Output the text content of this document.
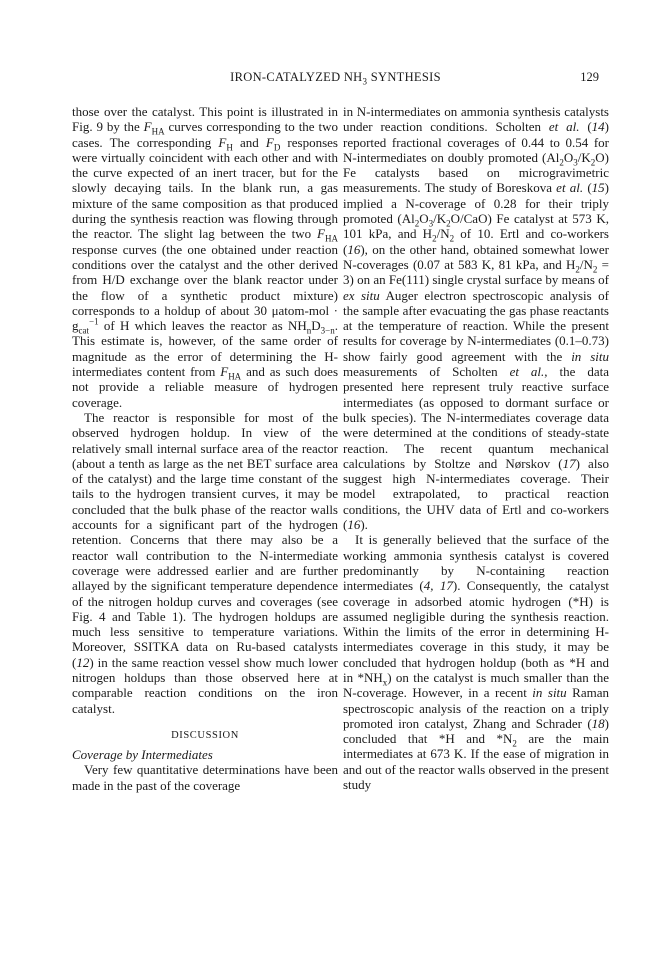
IRON-CATALYZED $NH_3$ SYNTHESIS	129

those over the catalyst. This point is illustrated in Fig. 9 by the $F_{HA}$ curves corresponding to the two cases. The corresponding $F_H$ and $F_D$ responses were virtually coincident with each other and with the curve expected of an inert tracer, but for the slowly decaying tails. In the blank run, a gas mixture of the same composition as that produced during the synthesis reaction was flowing through the reactor. The slight lag between the two $F_{HA}$ response curves (the one obtained under reaction conditions over the catalyst and the other derived from H/D exchange over the blank reactor under the flow of a synthetic product mixture) corresponds to a holdup of about 30 μatom-mol · $g_{cat}^{-1}$ of H which leaves the reactor as $NH_nD_{3-n}$. This estimate is, however, of the same order of magnitude as the error of determining the H-intermediates content from $F_{HA}$ and as such does not provide a reliable measure of hydrogen coverage.

The reactor is responsible for most of the observed hydrogen holdup. In view of the relatively small internal surface area of the reactor (about a tenth as large as the net BET surface area of the catalyst) and the large time constant of the tails to the hydrogen transient curves, it may be concluded that the bulk phase of the reactor walls accounts for a significant part of the hydrogen retention. Concerns that there may also be a reactor wall contribution to the N-intermediate coverage were addressed earlier and are further allayed by the significant temperature dependence of the nitrogen holdup curves and coverages (see Fig. 4 and Table 1). The hydrogen holdups are much less sensitive to temperature variations. Moreover, SSITKA data on Ru-based catalysts (12) in the same reaction vessel show much lower nitrogen holdups than those observed here at comparable reaction conditions on the iron catalyst.

DISCUSSION

Coverage by Intermediates

Very few quantitative determinations have been made in the past of the coverage

in N-intermediates on ammonia synthesis catalysts under reaction conditions. Scholten et al. (14) reported fractional coverages of 0.44 to 0.54 for N-intermediates on doubly promoted $(Al_2O_3/K_2O)$ Fe catalysts based on microgravimetric measurements. The study of Boreskova et al. (15) implied a N-coverage of 0.28 for their triply promoted $(Al_2O_3/K_2O/CaO)$ Fe catalyst at 573 K, 101 kPa, and $H_2/N_2$ of 10. Ertl and co-workers (16), on the other hand, obtained somewhat lower N-coverages (0.07 at 583 K, 81 kPa, and $H_2/N_2 = 3$) on an Fe(111) single crystal surface by means of ex situ Auger electron spectroscopic analysis of the sample after evacuating the gas phase reactants at the temperature of reaction. While the present results for coverage by N-intermediates (0.1–0.73) show fairly good agreement with the in situ measurements of Scholten et al., the data presented here represent truly reactive surface intermediates (as opposed to dormant surface or bulk species). The N-intermediates coverage data were determined at the conditions of steady-state reaction. The recent quantum mechanical calculations by Stoltze and Nørskov (17) also suggest high N-intermediates coverage. Their model extrapolated, to practical reaction conditions, the UHV data of Ertl and co-workers (16).

It is generally believed that the surface of the working ammonia synthesis catalyst is covered predominantly by N-containing reaction intermediates (4, 17). Consequently, the catalyst coverage in adsorbed atomic hydrogen (*H) is assumed negligible during the synthesis reaction. Within the limits of the error in determining H-intermediates coverage in this study, it may be concluded that hydrogen holdup (both as *H and in $*NH_x$) on the catalyst is much smaller than the N-coverage. However, in a recent in situ Raman spectroscopic analysis of the reaction on a triply promoted iron catalyst, Zhang and Schrader (18) concluded that *H and $*N_2$ are the main intermediates at 673 K. If the ease of migration in and out of the reactor walls observed in the present study
